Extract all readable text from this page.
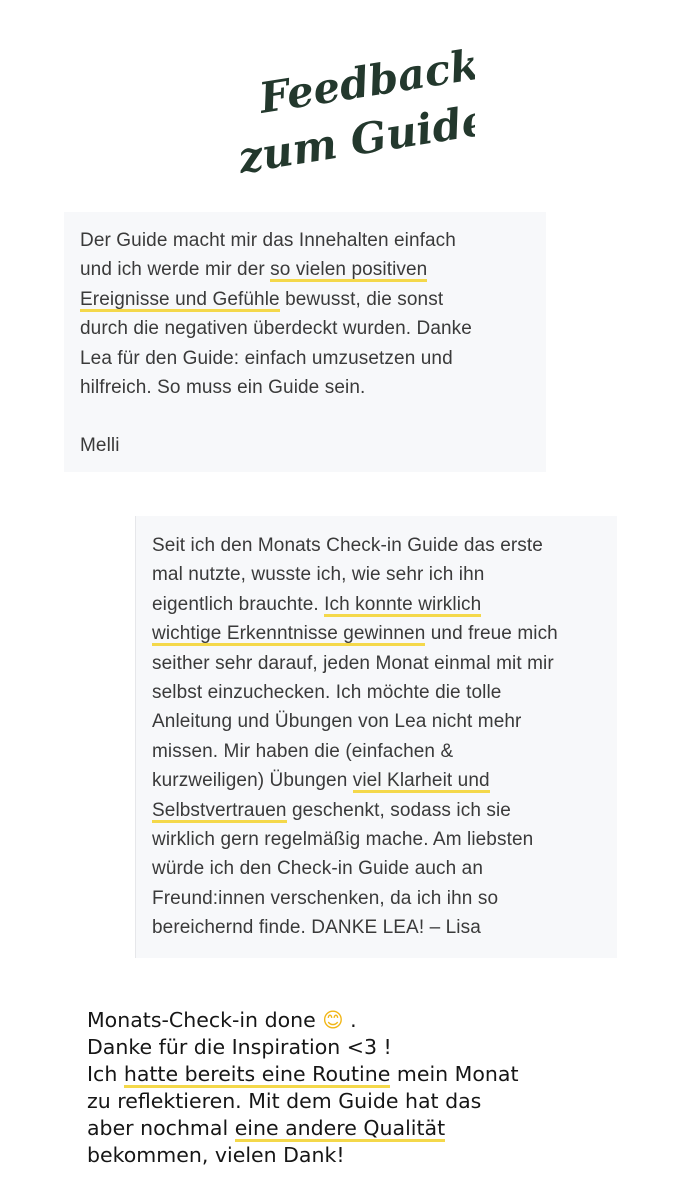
Feedback
zum Guide...

Der Guide macht mir das Innehalten einfach

und ich werde mir der so vielen positiven

Ereignisse und Gefühle bewusst, die sonst

durch die negativen überdeckt wurden. Danke

Lea für den Guide: einfach umzusetzen und

hilfreich. So muss ein Guide sein.

Melli

Seit ich den Monats Check-in Guide das erste

mal nutzte, wusste ich, wie sehr ich ihn

eigentlich brauchte. Ich konnte wirklich

wichtige Erkenntnisse gewinnen und freue mich

seither sehr darauf, jeden Monat einmal mit mir

selbst einzuchecken. Ich möchte die tolle

Anleitung und Übungen von Lea nicht mehr

missen. Mir haben die (einfachen &

kurzweiligen) Übungen viel Klarheit und

Selbstvertrauen geschenkt, sodass ich sie

wirklich gern regelmäßig mache. Am liebsten

würde ich den Check-in Guide auch an

Freund:innen verschenken, da ich ihn so

bereichernd finde. DANKE LEA! – Lisa

Monats-Check-in done 😊 .

Danke für die Inspiration <3 !

Ich hatte bereits eine Routine mein Monat

zu reflektieren. Mit dem Guide hat das

aber nochmal eine andere Qualität

bekommen, vielen Dank!
